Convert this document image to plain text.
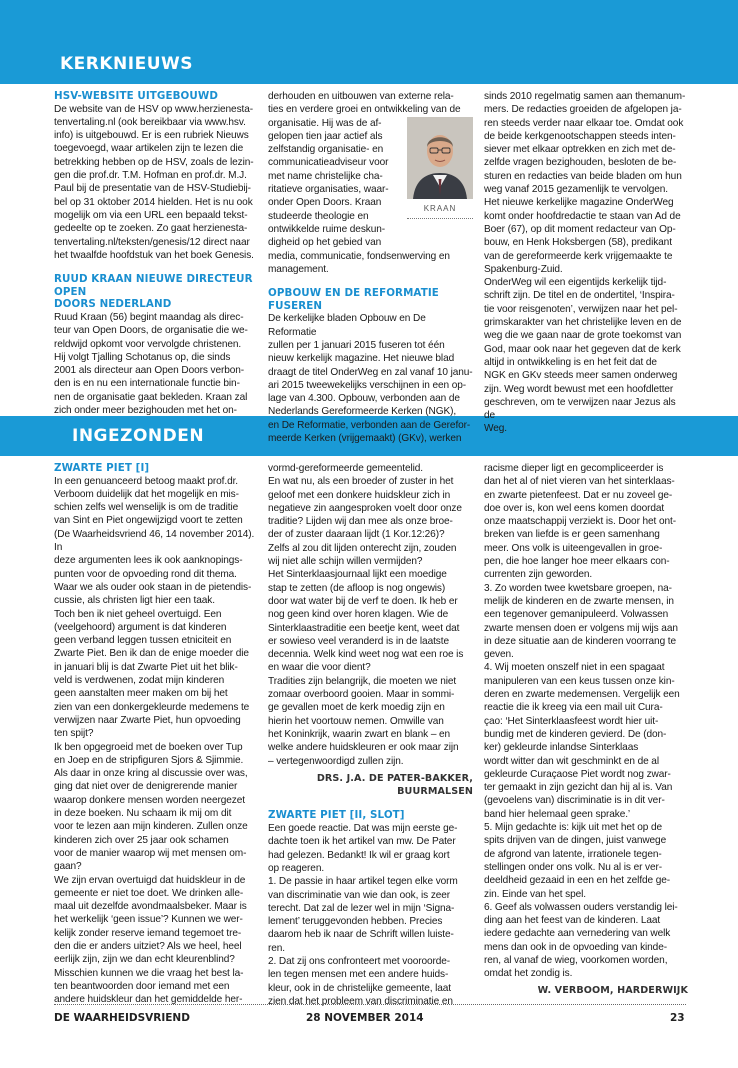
KERKNIEUWS
INGEZONDEN
HSV-WEBSITE UITGEBOUWD

De website van de HSV op www.herzienesta-

tenvertaling.nl (ook bereikbaar via www.hsv.

info) is uitgebouwd. Er is een rubriek Nieuws

toegevoegd, waar artikelen zijn te lezen die

betrekking hebben op de HSV, zoals de lezin-

gen die prof.dr. T.M. Hofman en prof.dr. M.J.

Paul bij de presentatie van de HSV-Studiebij-

bel op 31 oktober 2014 hielden. Het is nu ook

mogelijk om via een URL een bepaald tekst-

gedeelte op te zoeken. Zo gaat herzienesta-

tenvertaling.nl/teksten/genesis/12 direct naar

het twaalfde hoofdstuk van het boek Genesis.

RUUD KRAAN NIEUWE DIRECTEUR OPEN
DOORS NEDERLAND

Ruud Kraan (56) begint maandag als direc-

teur van Open Doors, de organisatie die we-

reldwijd opkomt voor vervolgde christenen.

Hij volgt Tjalling Schotanus op, die sinds

2001 als directeur aan Open Doors verbon-

den is en nu een internationale functie bin-

nen de organisatie gaat bekleden. Kraan zal

zich onder meer bezighouden met het on-

derhouden en uitbouwen van externe rela-

ties en verdere groei en ontwikkeling van de

KRAAN

organisatie. Hij was de af-

gelopen tien jaar actief als

zelfstandig organisatie- en

communicatieadviseur voor

met name christelijke cha-

ritatieve organisaties, waar-

onder Open Doors. Kraan

studeerde theologie en

ontwikkelde ruime deskun-

digheid op het gebied van

media, communicatie, fondsenwerving en

management.

OPBOUW EN DE REFORMATIE FUSEREN

De kerkelijke bladen Opbouw en De Reformatie

zullen per 1 januari 2015 fuseren tot één

nieuw kerkelijk magazine. Het nieuwe blad

draagt de titel OnderWeg en zal vanaf 10 janu-

ari 2015 tweewekelijks verschijnen in een op-

lage van 4.300. Opbouw, verbonden aan de

Nederlands Gereformeerde Kerken (NGK),

en De Reformatie, verbonden aan de Gerefor-

meerde Kerken (vrijgemaakt) (GKv), werken

sinds 2010 regelmatig samen aan themanum-

mers. De redacties groeiden de afgelopen ja-

ren steeds verder naar elkaar toe. Omdat ook

de beide kerkgenootschappen steeds inten-

siever met elkaar optrekken en zich met de-

zelfde vragen bezighouden, besloten de be-

sturen en redacties van beide bladen om hun

weg vanaf 2015 gezamenlijk te vervolgen.

Het nieuwe kerkelijke magazine OnderWeg

komt onder hoofdredactie te staan van Ad de

Boer (67), op dit moment redacteur van Op-

bouw, en Henk Hoksbergen (58), predikant

van de gereformeerde kerk vrijgemaakte te

Spakenburg-Zuid.

OnderWeg wil een eigentijds kerkelijk tijd-

schrift zijn. De titel en de ondertitel, ‘Inspira-

tie voor reisgenoten’, verwijzen naar het pel-

grimskarakter van het christelijke leven en de

weg die we gaan naar de grote toekomst van

God, maar ook naar het gegeven dat de kerk

altijd in ontwikkeling is en het feit dat de

NGK en GKv steeds meer samen onderweg

zijn. Weg wordt bewust met een hoofdletter

geschreven, om te verwijzen naar Jezus als de

Weg.

ZWARTE PIET [I]

In een genuanceerd betoog maakt prof.dr.

Verboom duidelijk dat het mogelijk en mis-

schien zelfs wel wenselijk is om de traditie

van Sint en Piet ongewijzigd voort te zetten

(De Waarheidsvriend 46, 14 november 2014). In

deze argumenten lees ik ook aanknopings-

punten voor de opvoeding rond dit thema.

Waar we als ouder ook staan in de pietendis-

cussie, als christen ligt hier een taak.

Toch ben ik niet geheel overtuigd. Een

(veelgehoord) argument is dat kinderen

geen verband leggen tussen etniciteit en

Zwarte Piet. Ben ik dan de enige moeder die

in januari blij is dat Zwarte Piet uit het blik-

veld is verdwenen, zodat mijn kinderen

geen aanstalten meer maken om bij het

zien van een donkergekleurde medemens te

verwijzen naar Zwarte Piet, hun opvoeding

ten spijt?

Ik ben opgegroeid met de boeken over Tup

en Joep en de stripfiguren Sjors & Sjimmie.

Als daar in onze kring al discussie over was,

ging dat niet over de denigrerende manier

waarop donkere mensen worden neergezet

in deze boeken. Nu schaam ik mij om dit

voor te lezen aan mijn kinderen. Zullen onze

kinderen zich over 25 jaar ook schamen

voor de manier waarop wij met mensen om-

gaan?

We zijn ervan overtuigd dat huidskleur in de

gemeente er niet toe doet. We drinken alle-

maal uit dezelfde avondmaalsbeker. Maar is

het werkelijk ‘geen issue’? Kunnen we wer-

kelijk zonder reserve iemand tegemoet tre-

den die er anders uitziet? Als we heel, heel

eerlijk zijn, zijn we dan echt kleurenblind?

Misschien kunnen we die vraag het best la-

ten beantwoorden door iemand met een

andere huidskleur dan het gemiddelde her-

vormd-gereformeerde gemeentelid.

En wat nu, als een broeder of zuster in het

geloof met een donkere huidskleur zich in

negatieve zin aangesproken voelt door onze

traditie? Lijden wij dan mee als onze broe-

der of zuster daaraan lijdt (1 Kor.12:26)?

Zelfs al zou dit lijden onterecht zijn, zouden

wij niet alle schijn willen vermijden?

Het Sinterklaasjournaal lijkt een moedige

stap te zetten (de afloop is nog ongewis)

door wat water bij de verf te doen. Ik heb er

nog geen kind over horen klagen. Wie de

Sinterklaastraditie een beetje kent, weet dat

er sowieso veel veranderd is in de laatste

decennia. Welk kind weet nog wat een roe is

en waar die voor dient?

Tradities zijn belangrijk, die moeten we niet

zomaar overboord gooien. Maar in sommi-

ge gevallen moet de kerk moedig zijn en

hierin het voortouw nemen. Omwille van

het Koninkrijk, waarin zwart en blank – en

welke andere huidskleuren er ook maar zijn

– vertegenwoordigd zullen zijn.

DRS. J.A. DE PATER-BAKKER, BUURMALSEN
ZWARTE PIET [II, SLOT]

Een goede reactie. Dat was mijn eerste ge-

dachte toen ik het artikel van mw. De Pater

had gelezen. Bedankt! Ik wil er graag kort

op reageren.

1. De passie in haar artikel tegen elke vorm

van discriminatie van wie dan ook, is zeer

terecht. Dat zal de lezer wel in mijn ‘Signa-

lement’ teruggevonden hebben. Precies

daarom heb ik naar de Schrift willen luiste-

ren.

2. Dat zij ons confronteert met vooroorde-

len tegen mensen met een andere huids-

kleur, ook in de christelijke gemeente, laat

zien dat het probleem van discriminatie en

racisme dieper ligt en gecompliceerder is

dan het al of niet vieren van het sinterklaas-

en zwarte pietenfeest. Dat er nu zoveel ge-

doe over is, kon wel eens komen doordat

onze maatschappij verziekt is. Door het ont-

breken van liefde is er geen samenhang

meer. Ons volk is uiteengevallen in groe-

pen, die hoe langer hoe meer elkaars con-

currenten zijn geworden.

3. Zo worden twee kwetsbare groepen, na-

melijk de kinderen en de zwarte mensen, in

een tegenover gemanipuleerd. Volwassen

zwarte mensen doen er volgens mij wijs aan

in deze situatie aan de kinderen voorrang te

geven.

4. Wij moeten onszelf niet in een spagaat

manipuleren van een keus tussen onze kin-

deren en zwarte medemensen. Vergelijk een

reactie die ik kreeg via een mail uit Cura-

çao: ‘Het Sinterklaasfeest wordt hier uit-

bundig met de kinderen gevierd. De (don-

ker) gekleurde inlandse Sinterklaas

wordt witter dan wit geschminkt en de al

gekleurde Curaçaose Piet wordt nog zwar-

ter gemaakt in zijn gezicht dan hij al is. Van

(gevoelens van) discriminatie is in dit ver-

band hier helemaal geen sprake.’

5. Mijn gedachte is: kijk uit met het op de

spits drijven van de dingen, juist vanwege

de afgrond van latente, irrationele tegen-

stellingen onder ons volk. Nu al is er ver-

deeldheid gezaaid in een en het zelfde ge-

zin. Einde van het spel.

6. Geef als volwassen ouders verstandig lei-

ding aan het feest van de kinderen. Laat

iedere gedachte aan vernedering van welk

mens dan ook in de opvoeding van kinde-

ren, al vanaf de wieg, voorkomen worden,

omdat het zondig is.

W. VERBOOM, HARDERWIJK
DE WAARHEIDSVRIEND	28 NOVEMBER 2014	23
